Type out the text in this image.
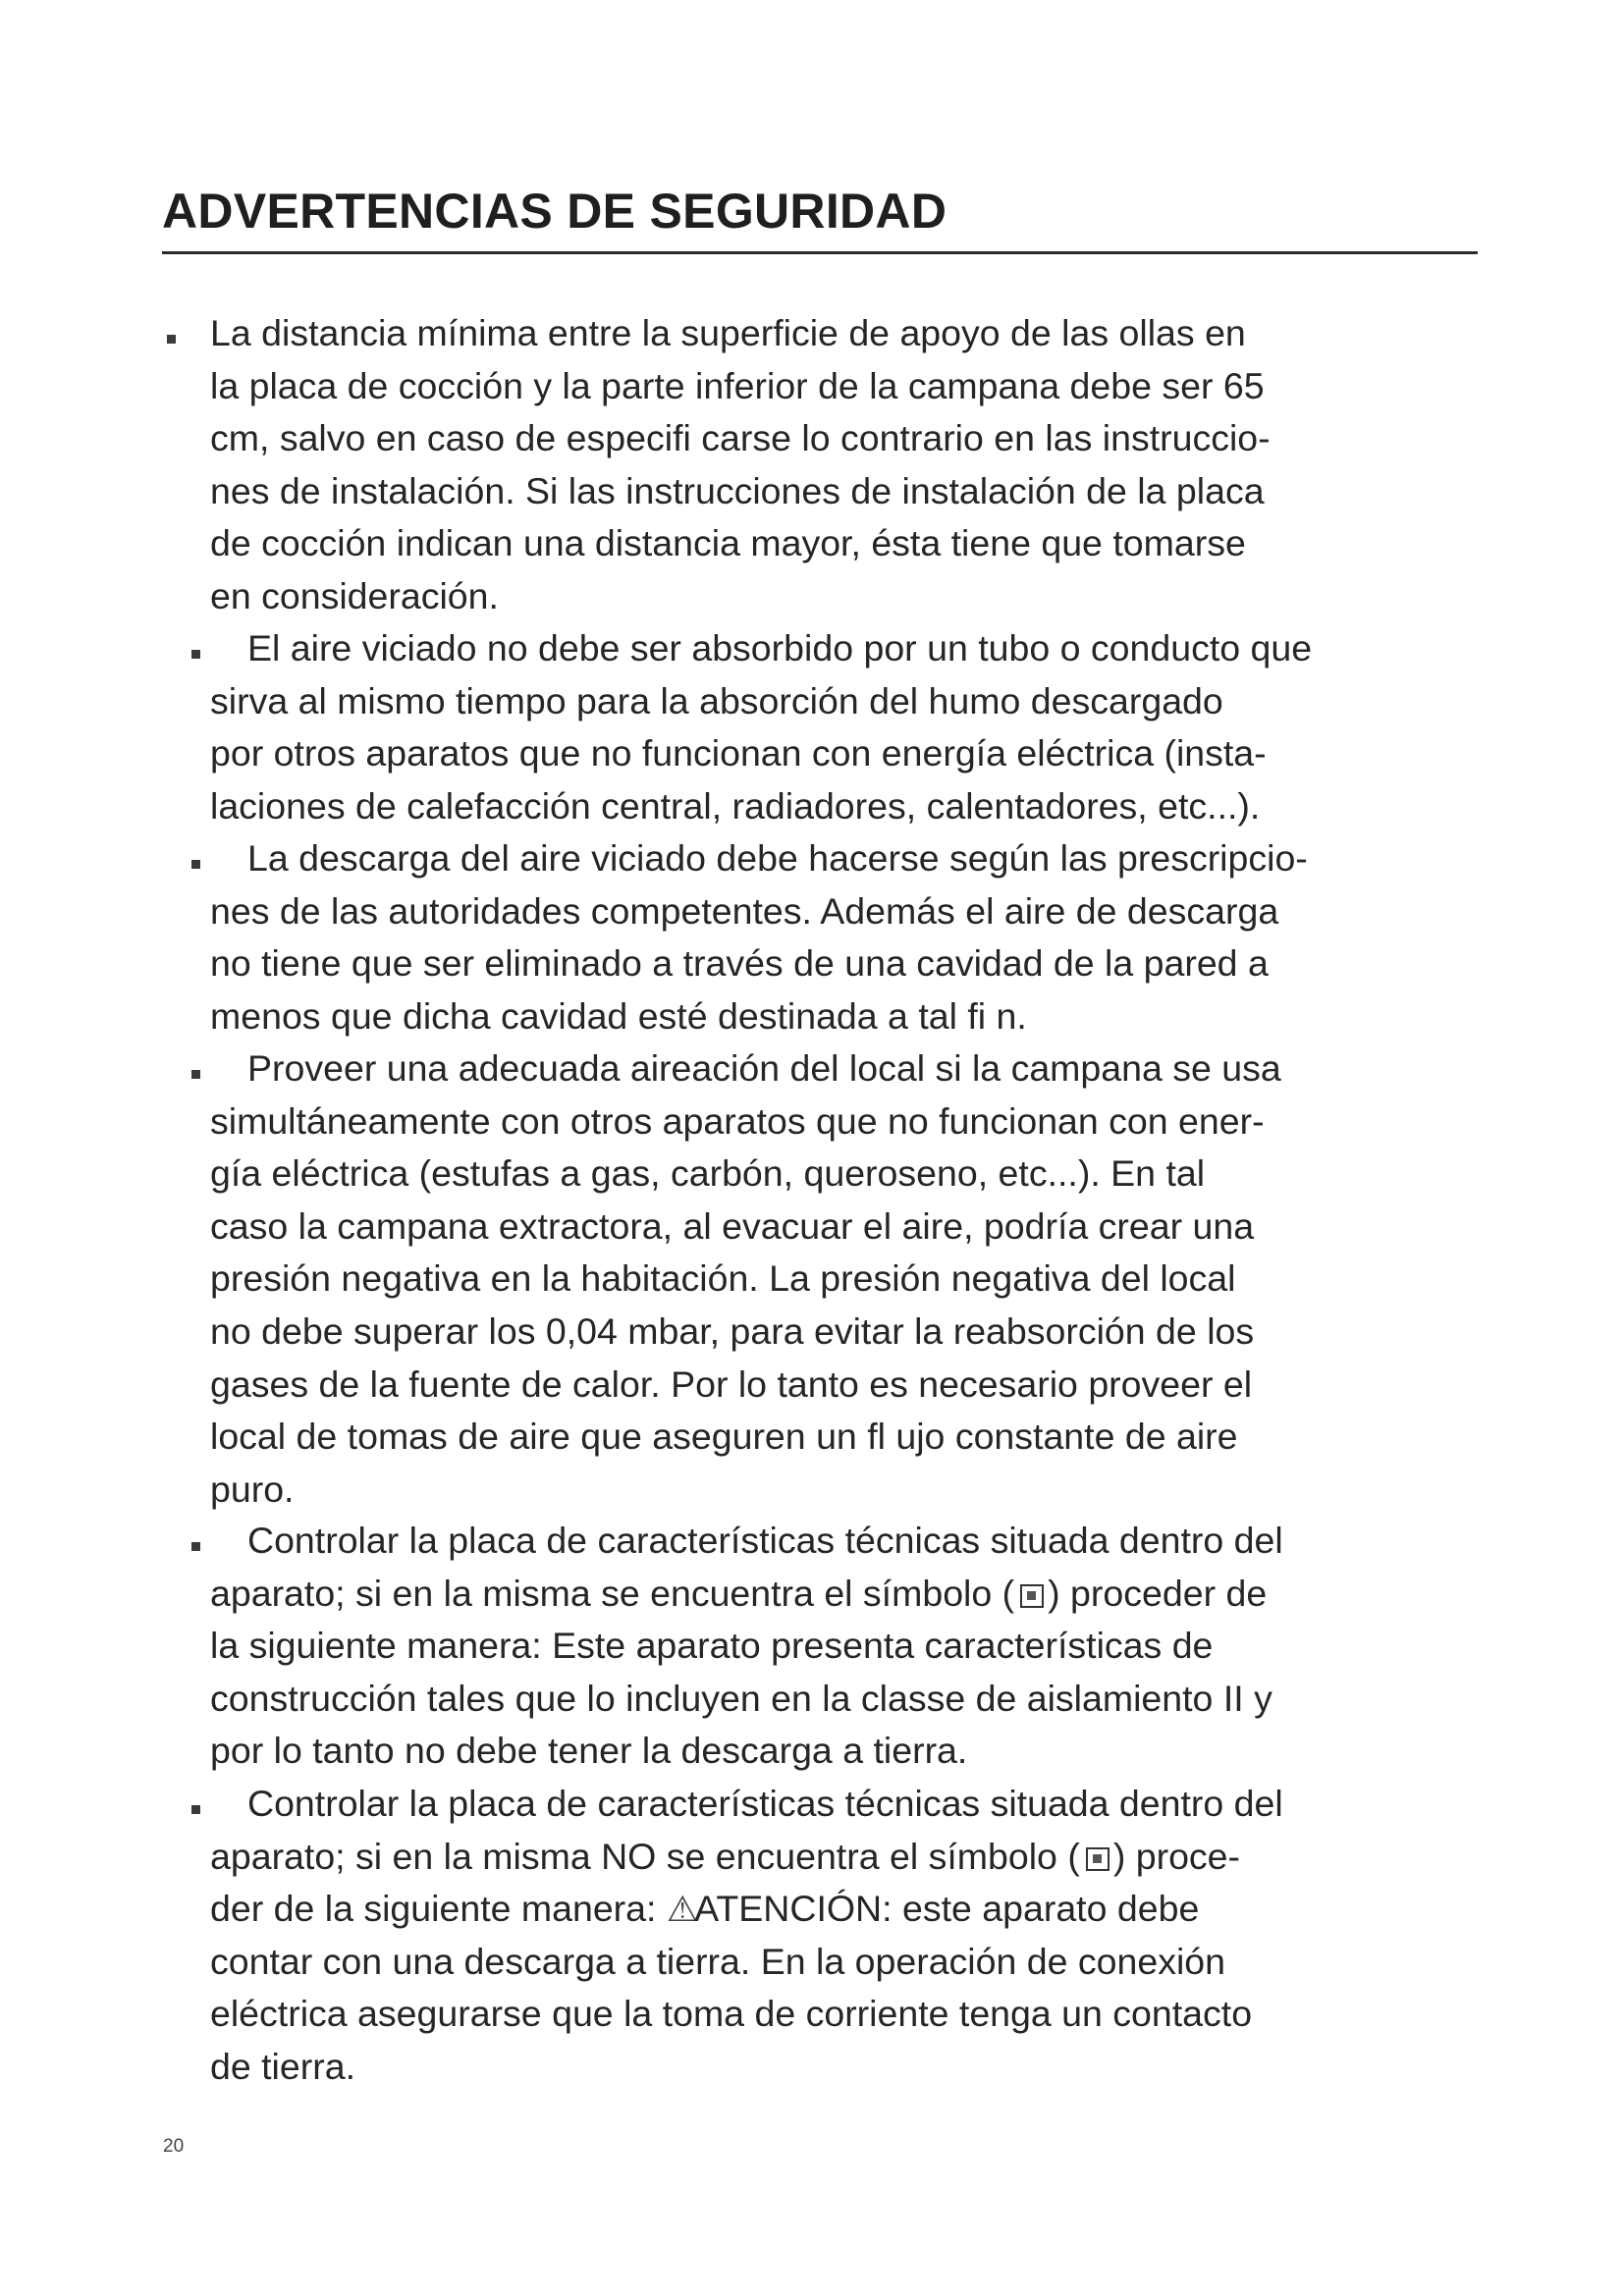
ADVERTENCIAS DE SEGURIDAD
La distancia mínima entre la superficie de apoyo de las ollas en
la placa de cocción y la parte inferior de la campana debe ser 65
cm, salvo en caso de especifi carse lo contrario en las instruccio-
nes de instalación. Si las instrucciones de instalación de la placa
de cocción indican una distancia mayor, ésta tiene que tomarse
en consideración.
El aire viciado no debe ser absorbido por un tubo o conducto que
sirva al mismo tiempo para la absorción del humo descargado
por otros aparatos que no funcionan con energía eléctrica (insta-
laciones de calefacción central, radiadores, calentadores, etc...).
La descarga del aire viciado debe hacerse según las prescripcio-
nes de las autoridades competentes. Además el aire de descarga
no tiene que ser eliminado a través de una cavidad de la pared a
menos que dicha cavidad esté destinada a tal fi n.
Proveer una adecuada aireación del local si la campana se usa
simultáneamente con otros aparatos que no funcionan con ener-
gía eléctrica (estufas a gas, carbón, queroseno, etc...). En tal
caso la campana extractora, al evacuar el aire, podría crear una
presión negativa en la habitación. La presión negativa del local
no debe superar los 0,04 mbar, para evitar la reabsorción de los
gases de la fuente de calor. Por lo tanto es necesario proveer el
local de tomas de aire que aseguren un fl ujo constante de aire
puro.
Controlar la placa de características técnicas situada dentro del
aparato; si en la misma se encuentra el símbolo ( ) proceder de
la siguiente manera: Este aparato presenta características de
construcción tales que lo incluyen en la classe de aislamiento II y
por lo tanto no debe tener la descarga a tierra.
Controlar la placa de características técnicas situada dentro del
aparato; si en la misma NO se encuentra el símbolo ( ) proce-
der de la siguiente manera: ⚠ATENCIÓN: este aparato debe
contar con una descarga a tierra. En la operación de conexión
eléctrica asegurarse que la toma de corriente tenga un contacto
de tierra.
20
